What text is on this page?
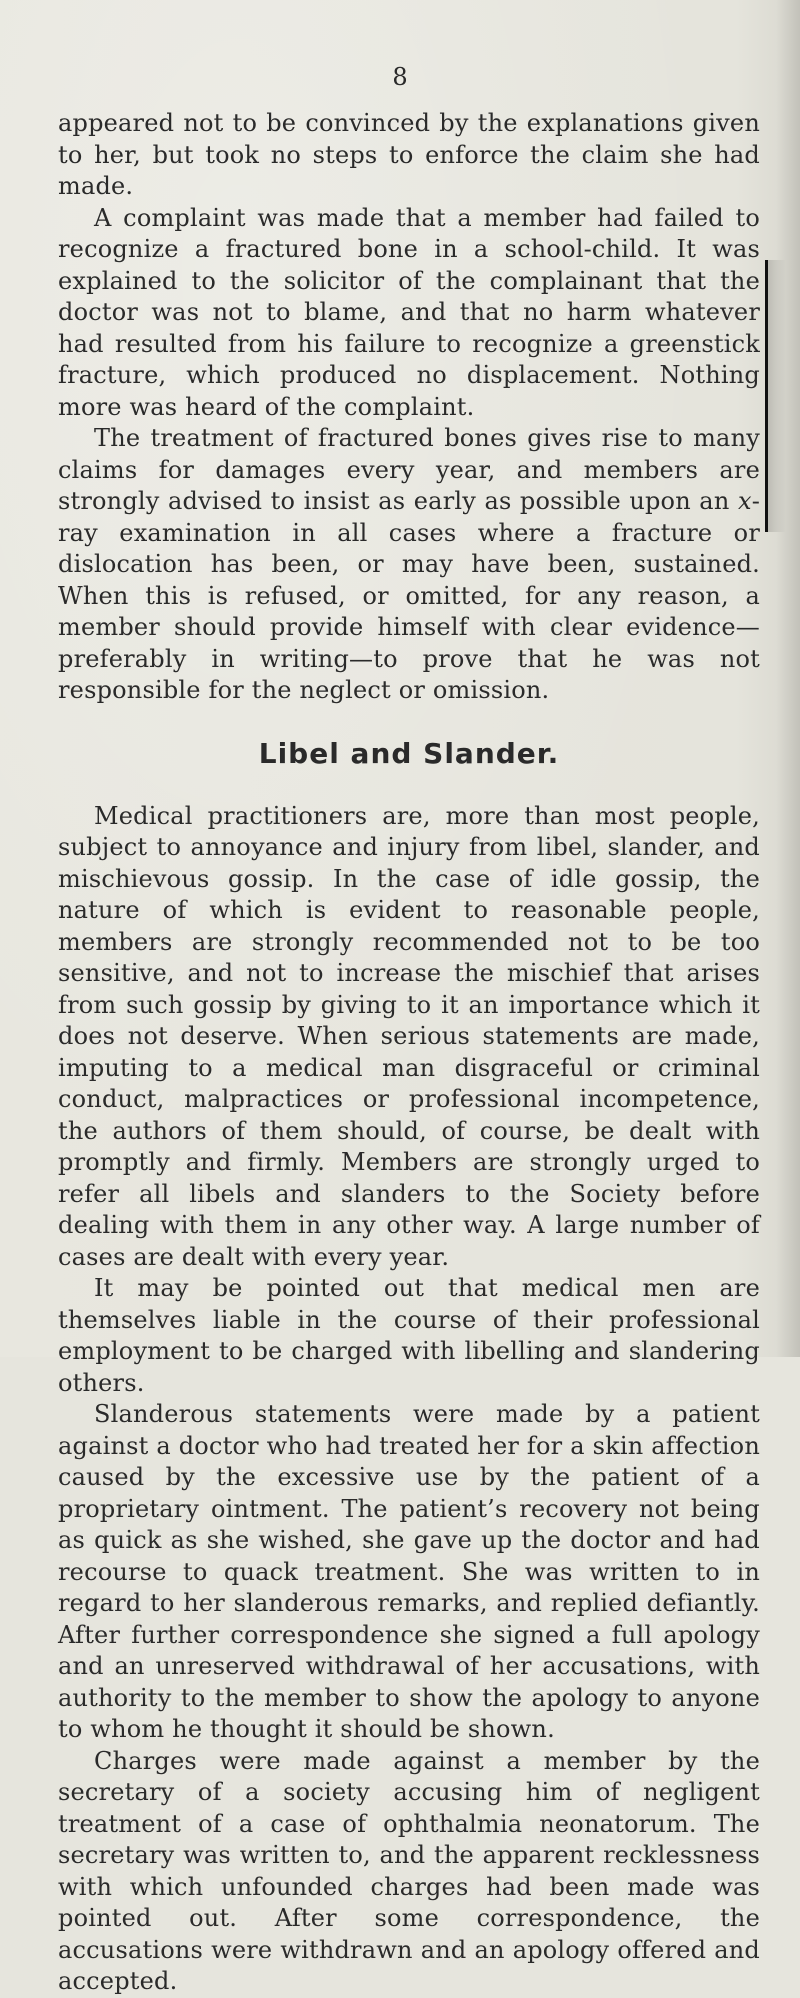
8

appeared not to be convinced by the explanations given to her, but took no steps to enforce the claim she had made.

A complaint was made that a member had failed to recognize a fractured bone in a school-child. It was explained to the solicitor of the complainant that the doctor was not to blame, and that no harm whatever had resulted from his failure to recognize a greenstick fracture, which produced no displacement. Nothing more was heard of the complaint.

The treatment of fractured bones gives rise to many claims for damages every year, and members are strongly advised to insist as early as possible upon an x-ray examination in all cases where a fracture or dislocation has been, or may have been, sustained. When this is refused, or omitted, for any reason, a member should provide himself with clear evidence—preferably in writing—to prove that he was not responsible for the neglect or omission.

Libel and Slander.

Medical practitioners are, more than most people, subject to annoyance and injury from libel, slander, and mischievous gossip. In the case of idle gossip, the nature of which is evident to reasonable people, members are strongly recommended not to be too sensitive, and not to increase the mischief that arises from such gossip by giving to it an importance which it does not deserve. When serious statements are made, imputing to a medical man disgraceful or criminal conduct, malpractices or professional incompetence, the authors of them should, of course, be dealt with promptly and firmly. Members are strongly urged to refer all libels and slanders to the Society before dealing with them in any other way. A large number of cases are dealt with every year.

It may be pointed out that medical men are themselves liable in the course of their professional employment to be charged with libelling and slandering others.

Slanderous statements were made by a patient against a doctor who had treated her for a skin affection caused by the excessive use by the patient of a proprietary ointment. The patient’s recovery not being as quick as she wished, she gave up the doctor and had recourse to quack treatment. She was written to in regard to her slanderous remarks, and replied defiantly. After further correspondence she signed a full apology and an unreserved withdrawal of her accusations, with authority to the member to show the apology to anyone to whom he thought it should be shown.

Charges were made against a member by the secretary of a society accusing him of negligent treatment of a case of ophthalmia neonatorum. The secretary was written to, and the apparent recklessness with which unfounded charges had been made was pointed out. After some correspondence, the accusations were withdrawn and an apology offered and accepted.
